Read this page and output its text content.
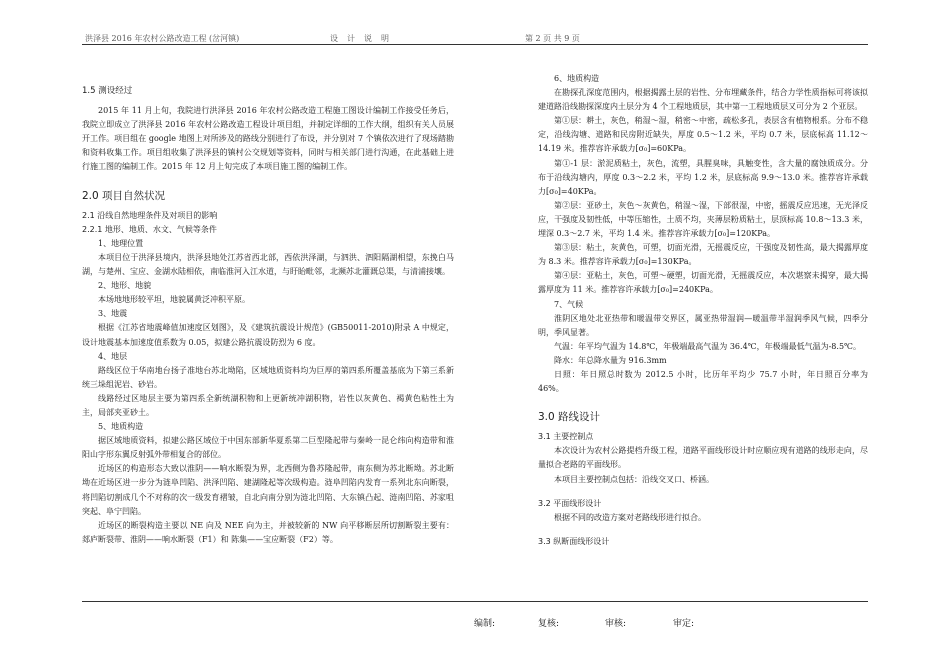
洪泽县 2016 年农村公路改造工程 (岔河镇)	设计说明	第 2 页 共 9 页

1.5 测设经过

2015 年 11 月上旬，我院进行洪泽县 2016 年农村公路改造工程施工图设计编制工作接受任务后，我院立即成立了洪泽县 2016 年农村公路改造工程设计项目组，并制定详细的工作大纲，组织有关人员展开工作。项目组在 google 地图上对所涉及的路线分别进行了布设，并分别对 7 个镇依次进行了现场踏勘和资料收集工作。项目组收集了洪泽县的镇村公交规划等资料，同时与相关部门进行沟通，在此基础上进行施工图的编制工作。2015 年 12 月上旬完成了本项目施工图的编制工作。

2.0 项目自然状况

2.1 沿线自然地理条件及对项目的影响

2.2.1 地形、地质、水文、气候等条件

1、地理位置

本项目位于洪泽县境内，洪泽县地处江苏省西北部，西依洪泽湖，与泗洪、泗阳隔湖相望，东挽白马湖，与楚州、宝应、金湖水陆相依，南临淮河入江水道，与盱眙毗邻，北濒苏北灌溉总渠，与清浦接壤。

2、地形、地貌

本场地地形较平坦，地貌属黄泛冲积平原。

3、地震

根据《江苏省地震峰值加速度区划图》，及《建筑抗震设计规范》(GB50011-2010)附录 A 中规定，设计地震基本加速度值系数为 0.05，拟建公路抗震设防烈为 6 度。

4、地层

路线区位于华南地台扬子准地台苏北坳陷，区域地质资料均为巨厚的第四系所覆盖基底为下第三系新统三垛组泥岩、砂岩。

线路经过区地层主要为第四系全新统湖积物和上更新统冲湖积物，岩性以灰黄色、褐黄色粘性土为主，局部夹亚砂土。

5、地质构造

据区域地质资料，拟建公路区域位于中国东部新华夏系第二巨型隆起带与秦岭一昆仑纬向构造带和淮阳山字形东翼反射弧外带相复合的部位。

近场区的构造形态大致以淮阴——响水断裂为界，北西侧为鲁苏隆起带，南东侧为苏北断坳。苏北断坳在近场区进一步分为涟阜凹陷、洪泽凹陷、建湖隆起等次级构造。涟阜凹陷内发育一系列北东向断裂，将凹陷切割成几个不对称的次一级发育褶皱，自北向南分别为涟北凹陷、大东镇凸起、涟南凹陷、苏家咀突起、阜宁凹陷。

近场区的断裂构造主要以 NE 向及 NEE 向为主，并被较新的 NW 向平移断层所切割断裂主要有：郯庐断裂带、淮阴——响水断裂（F1）和 陈集——宝应断裂（F2）等。

6、地质构造

在勘探孔深度范围内，根据揭露土层的岩性、分布埋藏条件，结合力学性质指标可将该拟建道路沿线勘探深度内土层分为 4 个工程地质层，其中第一工程地质层又可分为 2 个亚层。

第①层：耕土，灰色，稍湿～湿，稍密～中密，疏松多孔，表层含有植物根系。分布不稳定，沿线沟塘、道路和民房附近缺失，厚度 0.5～1.2 米，平均 0.7 米，层底标高 11.12～14.19 米。推荐容许承载力[σ₀]=60KPa。

第①-1 层：淤泥质粘土，灰色，流塑，具腥臭味，具触变性，含大量的腐蚀质成分。分布于沿线沟塘内，厚度 0.3～2.2 米，平均 1.2 米，层底标高 9.9～13.0 米。推荐容许承载力[σ₀]=40KPa。

第②层：亚砂土，灰色～灰黄色，稍湿～湿，下部很湿，中密，摇震反应迅速，无光泽反应，干强度及韧性低，中等压缩性，土质不均，夹薄层粉质粘土，层顶标高 10.8～13.3 米，埋深 0.3～2.7 米，平均 1.4 米。推荐容许承载力[σ₀]=120KPa。

第③层：粘土，灰黄色，可塑，切面光滑，无摇震反应，干强度及韧性高，最大揭露厚度为 8.3 米。推荐容许承载力[σ₀]=130KPa。

第④层：亚粘土，灰色，可塑～硬塑，切面光滑，无摇震反应，本次堪察未揭穿，最大揭露厚度为 11 米。推荐容许承载力[σ₀]=240KPa。

7、气候

淮阴区地处北亚热带和暖温带交界区，属亚热带湿润—暖温带半湿润季风气候，四季分明，季风显著。

气温：年平均气温为 14.8℃，年极端最高气温为 36.4℃，年极端最低气温为-8.5℃。

降水：年总降水量为 916.3mm

日照：年日照总时数为 2012.5 小时，比历年平均少 75.7 小时，年日照百分率为 46%。

3.0 路线设计

3.1 主要控制点

本次设计为农村公路提档升级工程，道路平面线形设计时应顺应现有道路的线形走向，尽量拟合老路的平面线形。

本项目主要控制点包括：沿线交叉口、桥涵。

3.2 平面线形设计

根据不同的改造方案对老路线形进行拟合。

3.3 纵断面线形设计

编制:	复核:	审核:	审定:
